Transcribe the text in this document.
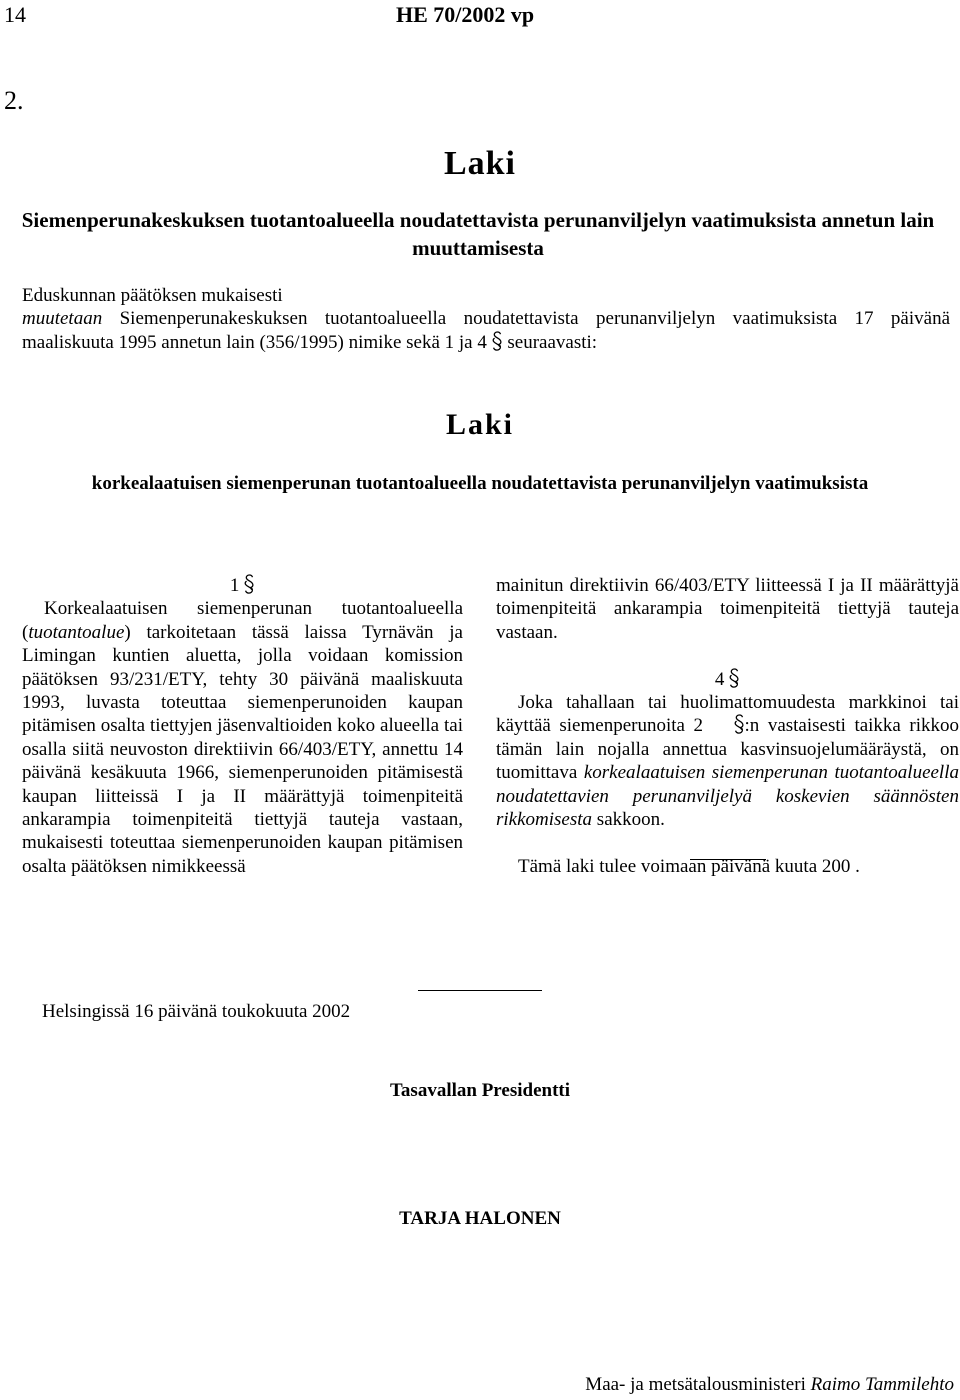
14	HE 70/2002 vp
2.
Laki
Siemenperunakeskuksen tuotantoalueella noudatettavista perunanviljelyn vaatimuksista annetun lain muuttamisesta

Eduskunnan päätöksen mukaisesti

muutetaan Siemenperunakeskuksen tuotantoalueella noudatettavista perunanviljelyn vaatimuksista 17 päivänä maaliskuuta 1995 annetun lain (356/1995) nimike sekä 1 ja 4  seuraavasti:

Laki
korkealaatuisen siemenperunan tuotantoalueella noudatettavista perunanviljelyn vaatimuksista

1

Korkealaatuisen siemenperunan tuotantoalueella (tuotantoalue) tarkoitetaan tässä laissa Tyrnävän ja Limingan kuntien aluetta, jolla voidaan komission päätöksen 93/231/ETY, tehty 30 päivänä maaliskuuta 1993, luvasta toteuttaa siemenperunoiden kaupan pitämisen osalta tiettyjen jäsenvaltioiden koko alueella tai osalla siitä neuvoston direktiivin 66/403/ETY, annettu 14 päivänä kesäkuuta 1966, siemenperunoiden pitämisestä kaupan liitteissä I ja II määrättyjä toimenpiteitä ankarampia toimenpiteitä tiettyjä tauteja vastaan, mukaisesti toteuttaa siemenperunoiden kaupan pitämisen osalta päätöksen nimikkeessä

mainitun direktiivin 66/403/ETY liitteessä I ja II määrättyjä toimenpiteitä ankarampia toimenpiteitä tiettyjä tauteja vastaan.

4

Joka tahallaan tai huolimattomuudesta markkinoi tai käyttää siemenperunoita 2 :n vastaisesti taikka rikkoo tämän lain nojalla annettua kasvinsuojelumääräystä, on tuomittava korkealaatuisen siemenperunan tuotantoalueella noudatettavien perunanviljelyä koskevien säännösten rikkomisesta sakkoon.

Tämä laki tulee voimaan päivänä kuuta 200 .

Helsingissä 16 päivänä toukokuuta 2002
Tasavallan Presidentti
TARJA HALONEN
Maa- ja metsätalousministeri Raimo Tammilehto
